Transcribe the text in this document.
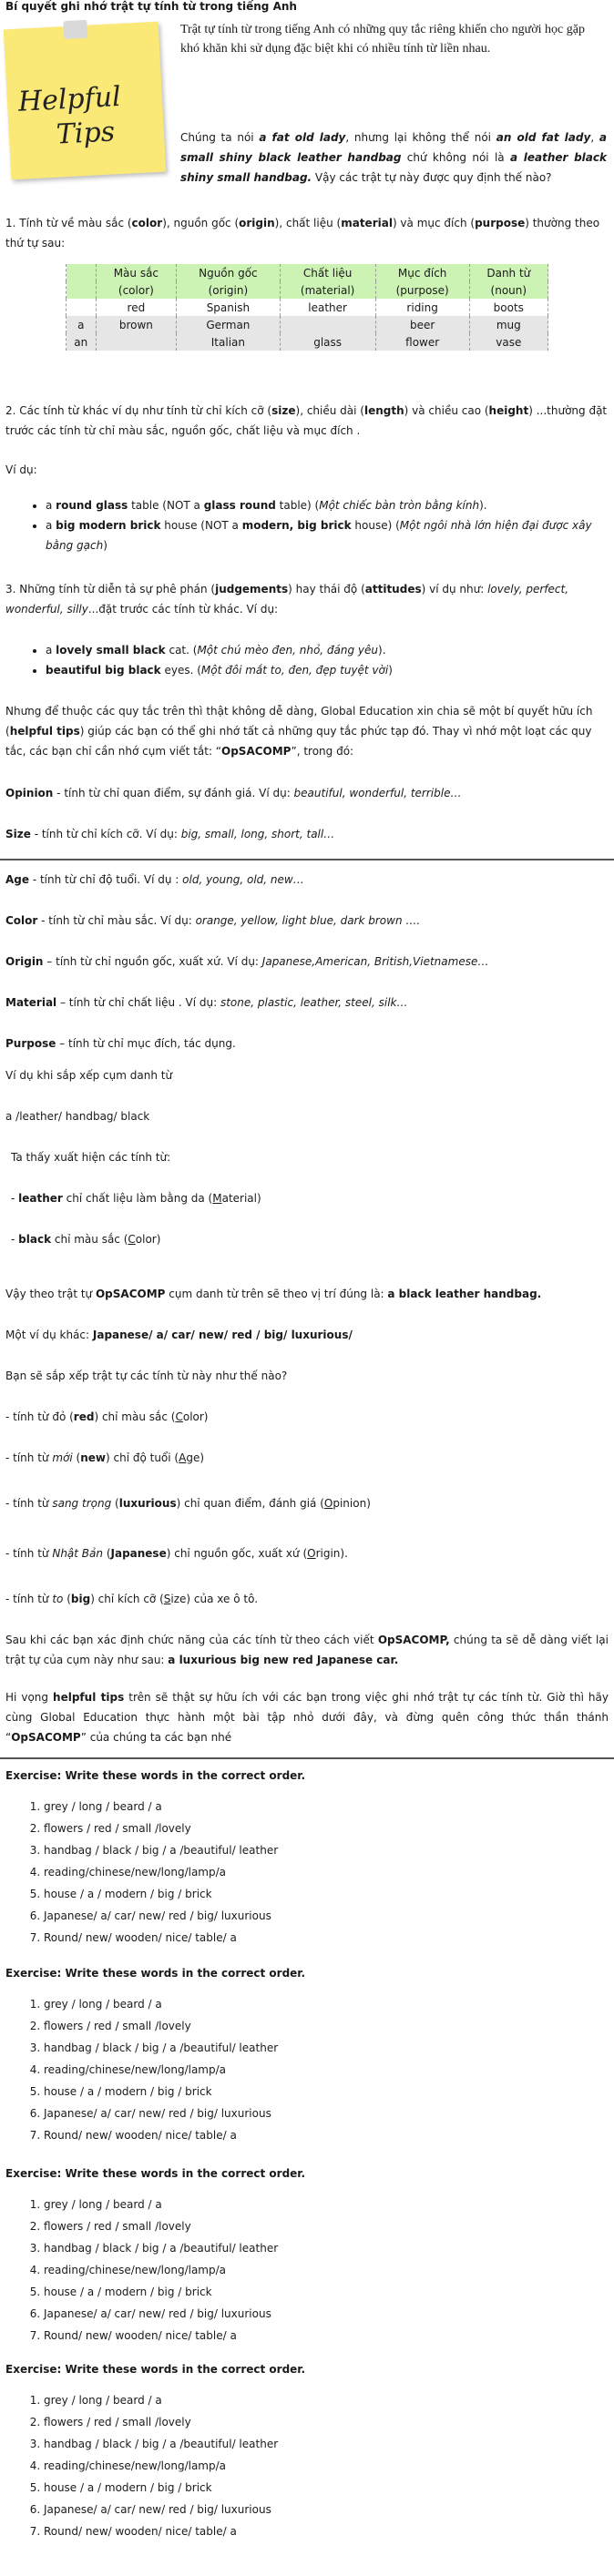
Bí quyết ghi nhớ trật tự tính từ trong tiếng Anh
Helpful
Tips
Trật tự tính từ trong tiếng Anh có những quy tắc riêng khiến cho người học gặp khó khăn khi sử dụng đặc biệt khi có nhiều tính từ liền nhau.
Chúng ta nói a fat old lady, nhưng lại không thể nói an old fat lady, a small shiny black leather handbag chứ không nói là a leather black shiny small handbag. Vậy các trật tự này được quy định thế nào?
1. Tính từ về màu sắc (color), nguồn gốc (origin), chất liệu (material) và mục đích (purpose) thường theo thứ tự sau:
	Màu sắc	Nguồn gốc	Chất liệu	Mục đích	Danh từ
	(color)	(origin)	(material)	(purpose)	(noun)
	red	Spanish	leather	riding	boots
a	brown	German		beer	mug
an		Italian	glass	flower	vase
2. Các tính từ khác ví dụ như tính từ chỉ kích cỡ (size), chiều dài (length) và chiều cao (height) ...thường đặt trước các tính từ chỉ màu sắc, nguồn gốc, chất liệu và mục đích .
Ví dụ:
• a round glass table (NOT a glass round table) (Một chiếc bàn tròn bằng kính).
• a big modern brick house (NOT a modern, big brick house) (Một ngôi nhà lớn hiện đại được xây bằng gạch)
3. Những tính từ diễn tả sự phê phán (judgements) hay thái độ (attitudes) ví dụ như: lovely, perfect, wonderful, silly...đặt trước các tính từ khác. Ví dụ:
• a lovely small black cat. (Một chú mèo đen, nhỏ, đáng yêu).
• beautiful big black eyes. (Một đôi mắt to, đen, đẹp tuyệt vời)
Nhưng để thuộc các quy tắc trên thì thật không dễ dàng, Global Education xin chia sẽ một bí quyết hữu ích (helpful tips) giúp các bạn có thể ghi nhớ tất cả những quy tắc phức tạp đó. Thay vì nhớ một loạt các quy tắc, các bạn chỉ cần nhớ cụm viết tắt: “OpSACOMP”, trong đó:
Opinion - tính từ chỉ quan điểm, sự đánh giá. Ví dụ: beautiful, wonderful, terrible…
Size - tính từ chỉ kích cỡ. Ví dụ: big, small, long, short, tall…
Age - tính từ chỉ độ tuổi. Ví dụ : old, young, old, new…
Color - tính từ chỉ màu sắc. Ví dụ: orange, yellow, light blue, dark brown ….
Origin – tính từ chỉ nguồn gốc, xuất xứ. Ví dụ: Japanese,American, British,Vietnamese…
Material – tính từ chỉ chất liệu . Ví dụ: stone, plastic, leather, steel, silk…
Purpose – tính từ chỉ mục đích, tác dụng.
Ví dụ khi sắp xếp cụm danh từ
a /leather/ handbag/ black
Ta thấy xuất hiện các tính từ:
- leather chỉ chất liệu làm bằng da (Material)
- black chỉ màu sắc (Color)
Vậy theo trật tự OpSACOMP cụm danh từ trên sẽ theo vị trí đúng là: a black leather handbag.
Một ví dụ khác: Japanese/ a/ car/ new/ red / big/ luxurious/
Bạn sẽ sắp xếp trật tự các tính từ này như thế nào?
- tính từ đỏ (red) chỉ màu sắc (Color)
- tính từ mới (new) chỉ độ tuổi (Age)
- tính từ sang trọng (luxurious) chỉ quan điểm, đánh giá (Opinion)
- tính từ Nhật Bản (Japanese) chỉ nguồn gốc, xuất xứ (Origin).
- tính từ to (big) chỉ kích cỡ (Size) của xe ô tô.
Sau khi các bạn xác định chức năng của các tính từ theo cách viết OpSACOMP, chúng ta sẽ dễ dàng viết lại trật tự của cụm này như sau: a luxurious big new red Japanese car.
Hi vọng helpful tips trên sẽ thật sự hữu ích với các bạn trong việc ghi nhớ trật tự các tính từ. Giờ thì hãy cùng Global Education thực hành một bài tập nhỏ dưới đây, và đừng quên công thức thần thánh “OpSACOMP” của chúng ta các bạn nhé
Exercise: Write these words in the correct order.
1. grey / long / beard / a
2. flowers / red / small /lovely
3. handbag / black / big / a /beautiful/ leather
4. reading/chinese/new/long/lamp/a
5. house / a / modern / big / brick
6. Japanese/ a/ car/ new/ red / big/ luxurious
7. Round/ new/ wooden/ nice/ table/ a
Exercise: Write these words in the correct order.
1. grey / long / beard / a
2. flowers / red / small /lovely
3. handbag / black / big / a /beautiful/ leather
4. reading/chinese/new/long/lamp/a
5. house / a / modern / big / brick
6. Japanese/ a/ car/ new/ red / big/ luxurious
7. Round/ new/ wooden/ nice/ table/ a
Exercise: Write these words in the correct order.
1. grey / long / beard / a
2. flowers / red / small /lovely
3. handbag / black / big / a /beautiful/ leather
4. reading/chinese/new/long/lamp/a
5. house / a / modern / big / brick
6. Japanese/ a/ car/ new/ red / big/ luxurious
7. Round/ new/ wooden/ nice/ table/ a
Exercise: Write these words in the correct order.
1. grey / long / beard / a
2. flowers / red / small /lovely
3. handbag / black / big / a /beautiful/ leather
4. reading/chinese/new/long/lamp/a
5. house / a / modern / big / brick
6. Japanese/ a/ car/ new/ red / big/ luxurious
7. Round/ new/ wooden/ nice/ table/ a
